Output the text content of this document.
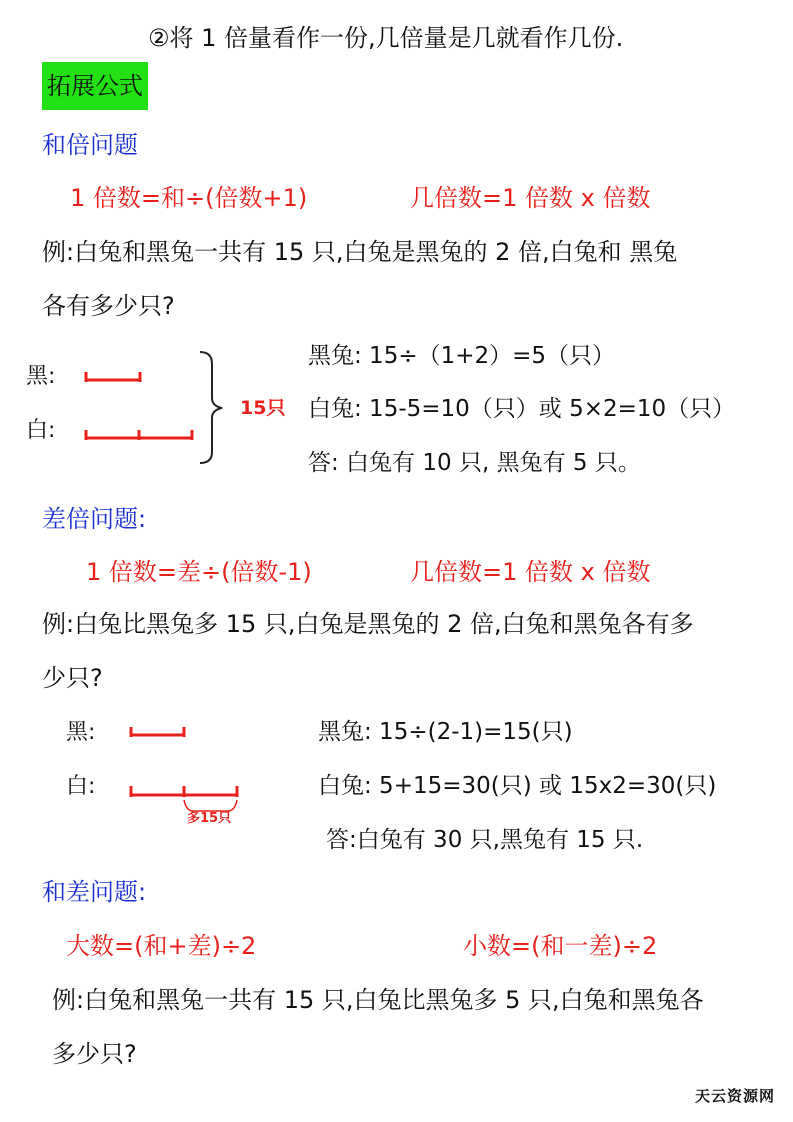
②将 1 倍量看作一份,几倍量是几就看作几份.
拓展公式
和倍问题
1 倍数=和÷(倍数+1)	几倍数=1 倍数 x 倍数
例:白兔和黑兔一共有 15 只,白兔是黑兔的 2 倍,白兔和 黑兔
各有多少只?
黑:
白:
15只
黑兔: 15÷（1+2）=5（只）
白兔: 15-5=10（只）或 5×2=10（只）
答: 白兔有 10 只, 黑兔有 5 只。
差倍问题:
1 倍数=差÷(倍数-1)	几倍数=1 倍数 x 倍数
例:白兔比黑兔多 15 只,白兔是黑兔的 2 倍,白兔和黑兔各有多
少只?
黑:
白:
多15只
黑兔: 15÷(2-1)=15(只)
白兔: 5+15=30(只) 或 15x2=30(只)
答:白兔有 30 只,黑兔有 15 只.
和差问题:
大数=(和+差)÷2	小数=(和一差)÷2
例:白兔和黑兔一共有 15 只,白兔比黑兔多 5 只,白兔和黑兔各
多少只?
天云资源网
